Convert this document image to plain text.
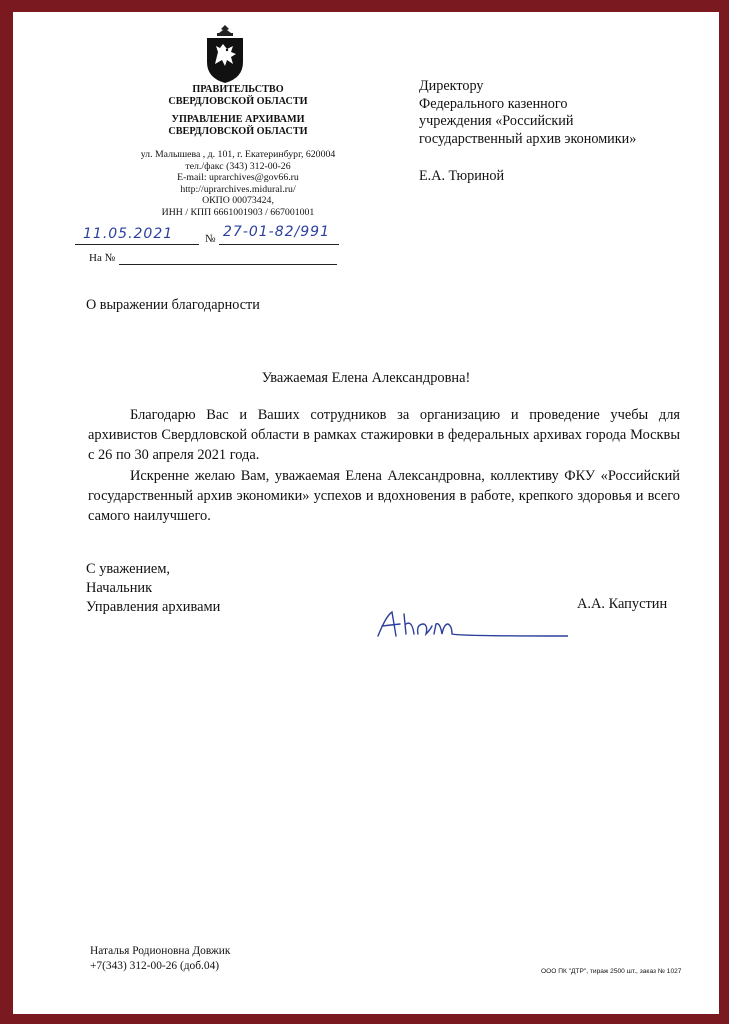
ПРАВИТЕЛЬСТВО
СВЕРДЛОВСКОЙ ОБЛАСТИ
УПРАВЛЕНИЕ АРХИВАМИ
СВЕРДЛОВСКОЙ ОБЛАСТИ
ул. Малышева , д. 101, г. Екатеринбург, 620004
тел./факс (343) 312-00-26
E-mail: uprarchives@gov66.ru
http://uprarchives.midural.ru/
ОКПО 00073424,
ИНН / КПП 6661001903 / 667001001
11.05.2021	№ 27-01-82/991
На №
Директору
Федерального казенного
учреждения «Российский
государственный архив экономики»
Е.А. Тюриной
О выражении благодарности
Уважаемая Елена Александровна!

Благодарю Вас и Ваших сотрудников за организацию и проведение учебы для архивистов Свердловской области в рамках стажировки в федеральных архивах города Москвы с 26 по 30 апреля 2021 года.

Искренне желаю Вам, уважаемая Елена Александровна, коллективу ФКУ «Российский государственный архив экономики» успехов и вдохновения в работе, крепкого здоровья и всего самого наилучшего.

С уважением,
Начальник
Управления архивами	А.А. Капустин
Наталья Родионовна Довжик
+7(343) 312-00-26 (доб.04)	ООО ПК "ДТР", тираж 2500 шт., заказ № 1027
